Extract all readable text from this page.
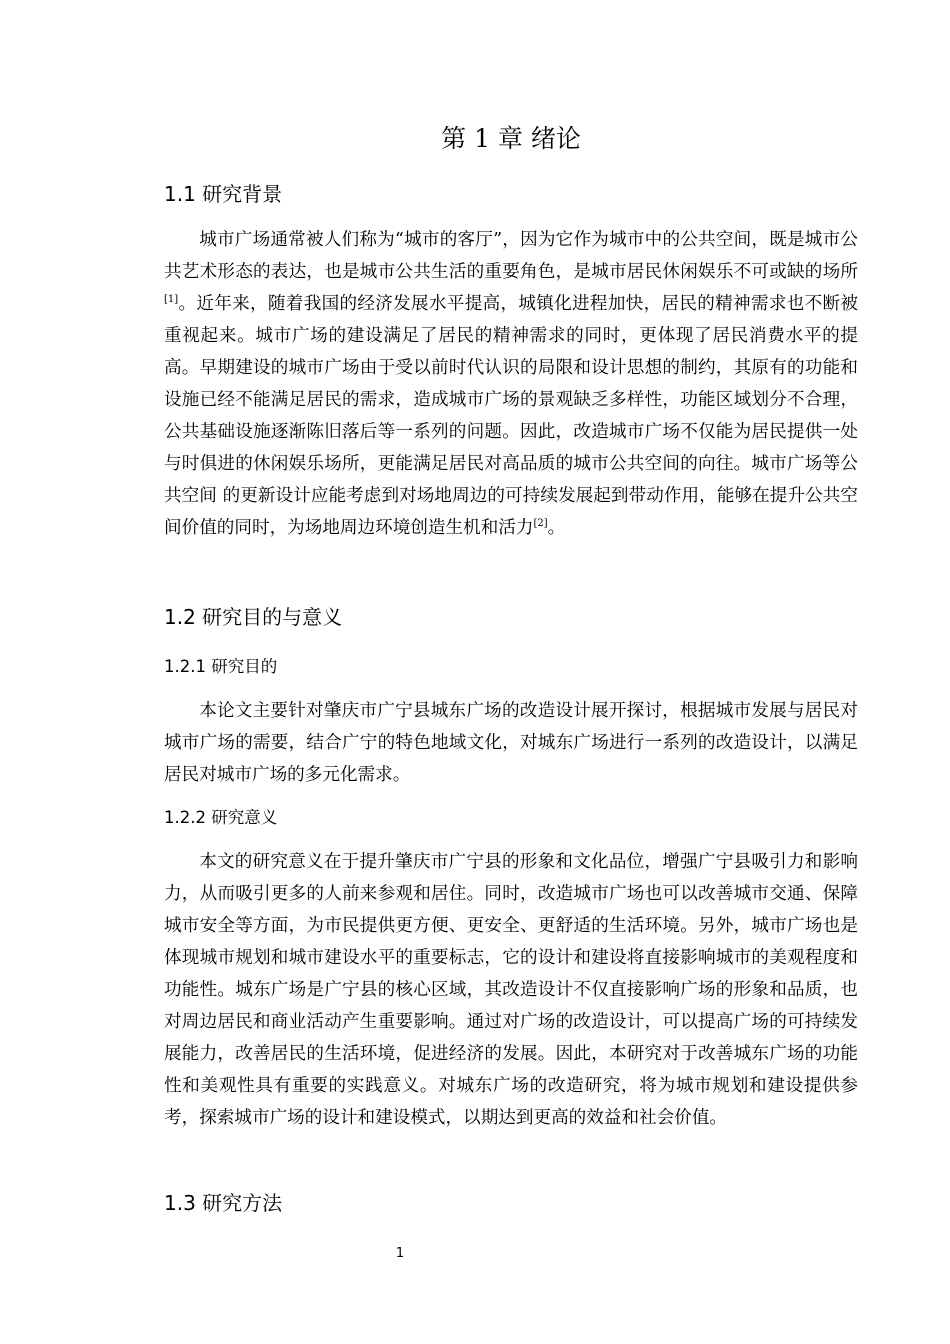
第 1 章 绪论
1.1 研究背景

城市广场通常被人们称为“城市的客厅”，因为它作为城市中的公共空间，既是城市公共艺术形态的表达，也是城市公共生活的重要角色，是城市居民休闲娱乐不可或缺的场所[1]。近年来，随着我国的经济发展水平提高，城镇化进程加快，居民的精神需求也不断被重视起来。城市广场的建设满足了居民的精神需求的同时，更体现了居民消费水平的提高。早期建设的城市广场由于受以前时代认识的局限和设计思想的制约，其原有的功能和设施已经不能满足居民的需求，造成城市广场的景观缺乏多样性，功能区域划分不合理，公共基础设施逐渐陈旧落后等一系列的问题。因此，改造城市广场不仅能为居民提供一处与时俱进的休闲娱乐场所，更能满足居民对高品质的城市公共空间的向往。城市广场等公共空间 的更新设计应能考虑到对场地周边的可持续发展起到带动作用，能够在提升公共空间价值的同时，为场地周边环境创造生机和活力[2]。

1.2 研究目的与意义
1.2.1 研究目的

本论文主要针对肇庆市广宁县城东广场的改造设计展开探讨，根据城市发展与居民对城市广场的需要，结合广宁的特色地域文化，对城东广场进行一系列的改造设计，以满足居民对城市广场的多元化需求。

1.2.2 研究意义

本文的研究意义在于提升肇庆市广宁县的形象和文化品位，增强广宁县吸引力和影响力，从而吸引更多的人前来参观和居住。同时，改造城市广场也可以改善城市交通、保障城市安全等方面，为市民提供更方便、更安全、更舒适的生活环境。另外，城市广场也是体现城市规划和城市建设水平的重要标志，它的设计和建设将直接影响城市的美观程度和功能性。城东广场是广宁县的核心区域，其改造设计不仅直接影响广场的形象和品质，也对周边居民和商业活动产生重要影响。通过对广场的改造设计，可以提高广场的可持续发展能力，改善居民的生活环境，促进经济的发展。因此，本研究对于改善城东广场的功能性和美观性具有重要的实践意义。对城东广场的改造研究，将为城市规划和建设提供参考，探索城市广场的设计和建设模式，以期达到更高的效益和社会价值。

1.3 研究方法
1
